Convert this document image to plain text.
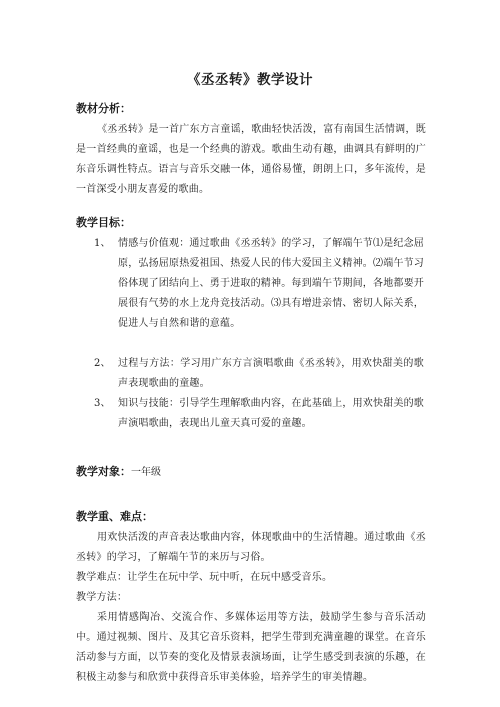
《丞丞转》教学设计
教材分析：
《丞丞转》是一首广东方言童谣，歌曲轻快活泼，富有南国生活情调，既是一首经典的童谣，也是一个经典的游戏。歌曲生动有趣，曲调具有鲜明的广东音乐调性特点。语言与音乐交融一体，通俗易懂，朗朗上口，多年流传，是一首深受小朋友喜爱的歌曲。
教学目标：
1、 情感与价值观：通过歌曲《丞丞转》的学习，了解端午节⑴是纪念屈原，弘扬屈原热爱祖国、热爱人民的伟大爱国主义精神。⑵端午节习俗体现了团结向上、勇于进取的精神。每到端午节期间，各地都要开展很有气势的水上龙舟竞技活动。⑶具有增进亲情、密切人际关系，促进人与自然和谐的意蕴。
2、 过程与方法：学习用广东方言演唱歌曲《丞丞转》，用欢快甜美的歌声表现歌曲的童趣。
3、 知识与技能：引导学生理解歌曲内容，在此基础上，用欢快甜美的歌声演唱歌曲，表现出儿童天真可爱的童趣。
教学对象：一年级
教学重、难点：
用欢快活泼的声音表达歌曲内容，体现歌曲中的生活情趣。通过歌曲《丞丞转》的学习，了解端午节的来历与习俗。
教学难点：让学生在玩中学、玩中听，在玩中感受音乐。
教学方法：
采用情感陶冶、交流合作、多媒体运用等方法，鼓励学生参与音乐活动中。通过视频、图片、及其它音乐资料，把学生带到充满童趣的课堂。在音乐活动参与方面，以节奏的变化及情景表演场面，让学生感受到表演的乐趣，在积极主动参与和欣赏中获得音乐审美体验，培养学生的审美情趣。
